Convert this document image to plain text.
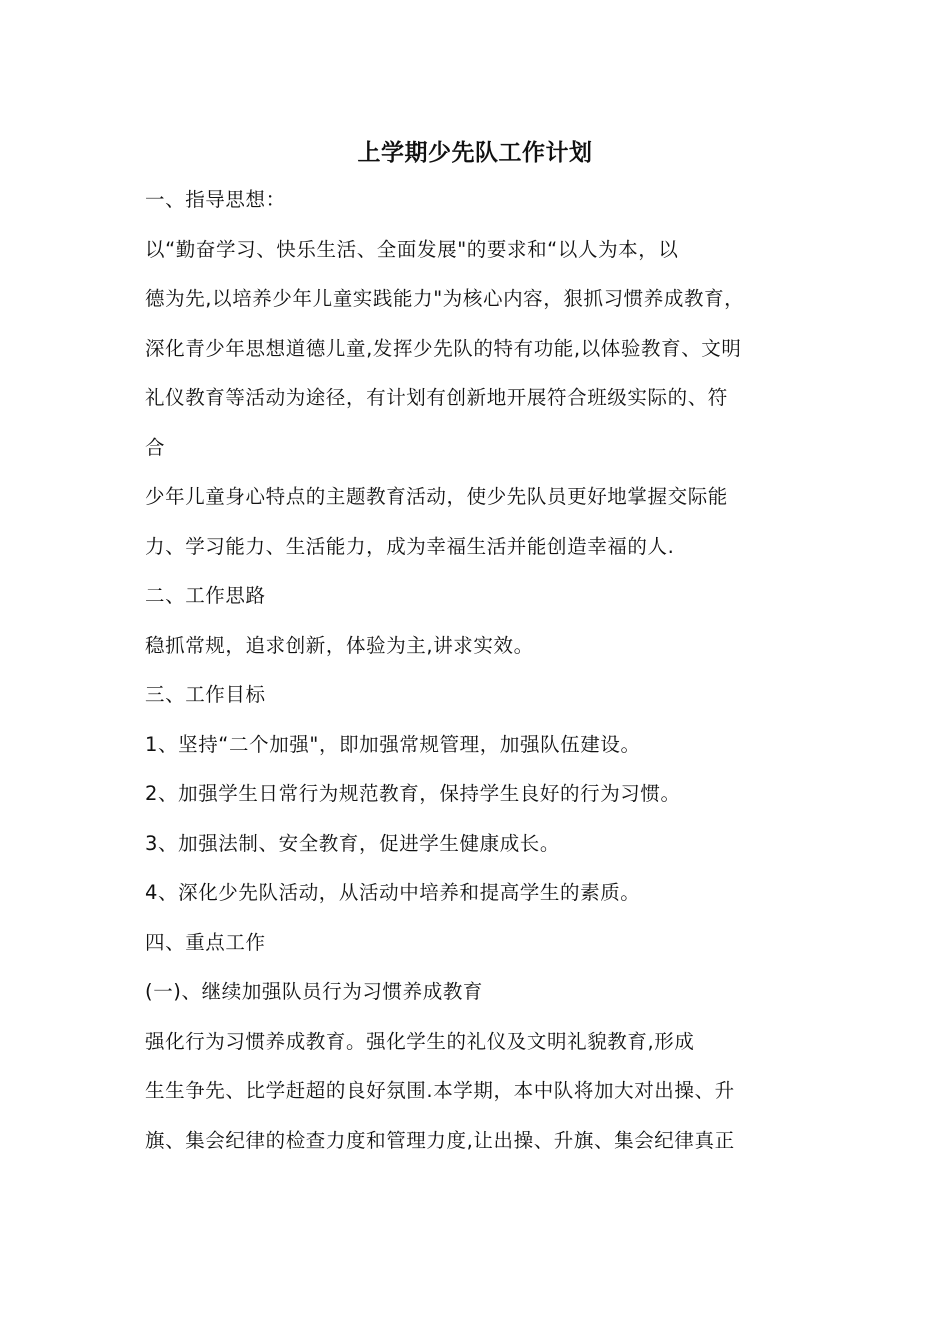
上学期少先队工作计划
一、指导思想：
以“勤奋学习、快乐生活、全面发展"的要求和“以人为本，以
德为先,以培养少年儿童实践能力"为核心内容，狠抓习惯养成教育，
深化青少年思想道德儿童,发挥少先队的特有功能,以体验教育、文明
礼仪教育等活动为途径，有计划有创新地开展符合班级实际的、符
合
少年儿童身心特点的主题教育活动，使少先队员更好地掌握交际能
力、学习能力、生活能力，成为幸福生活并能创造幸福的人.
二、工作思路
稳抓常规，追求创新，体验为主,讲求实效。
三、工作目标
1、坚持“二个加强"，即加强常规管理，加强队伍建设。
2、加强学生日常行为规范教育，保持学生良好的行为习惯。
3、加强法制、安全教育，促进学生健康成长。
4、深化少先队活动，从活动中培养和提高学生的素质。
四、重点工作
(一)、继续加强队员行为习惯养成教育
强化行为习惯养成教育。强化学生的礼仪及文明礼貌教育,形成
生生争先、比学赶超的良好氛围.本学期，本中队将加大对出操、升
旗、集会纪律的检查力度和管理力度,让出操、升旗、集会纪律真正
